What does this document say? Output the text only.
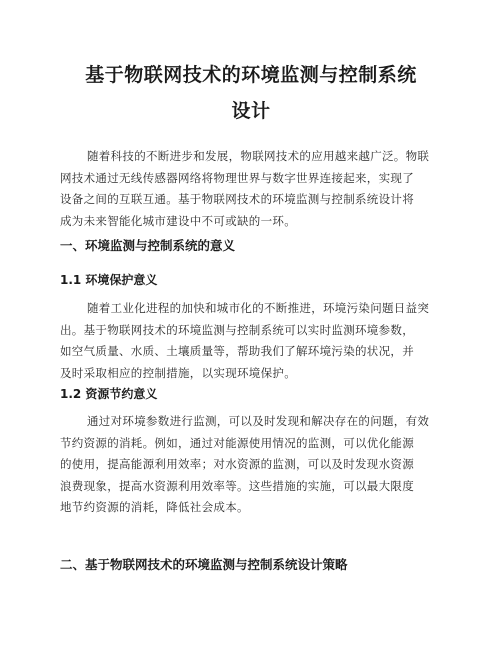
基于物联网技术的环境监测与控制系统
设计
随着科技的不断进步和发展，物联网技术的应用越来越广泛。物联
网技术通过无线传感器网络将物理世界与数字世界连接起来，实现了
设备之间的互联互通。基于物联网技术的环境监测与控制系统设计将
成为未来智能化城市建设中不可或缺的一环。
一、环境监测与控制系统的意义
1.1 环境保护意义
随着工业化进程的加快和城市化的不断推进，环境污染问题日益突
出。基于物联网技术的环境监测与控制系统可以实时监测环境参数，
如空气质量、水质、土壤质量等，帮助我们了解环境污染的状况，并
及时采取相应的控制措施，以实现环境保护。
1.2 资源节约意义
通过对环境参数进行监测，可以及时发现和解决存在的问题，有效
节约资源的消耗。例如，通过对能源使用情况的监测，可以优化能源
的使用，提高能源利用效率；对水资源的监测，可以及时发现水资源
浪费现象，提高水资源利用效率等。这些措施的实施，可以最大限度
地节约资源的消耗，降低社会成本。
二、基于物联网技术的环境监测与控制系统设计策略
